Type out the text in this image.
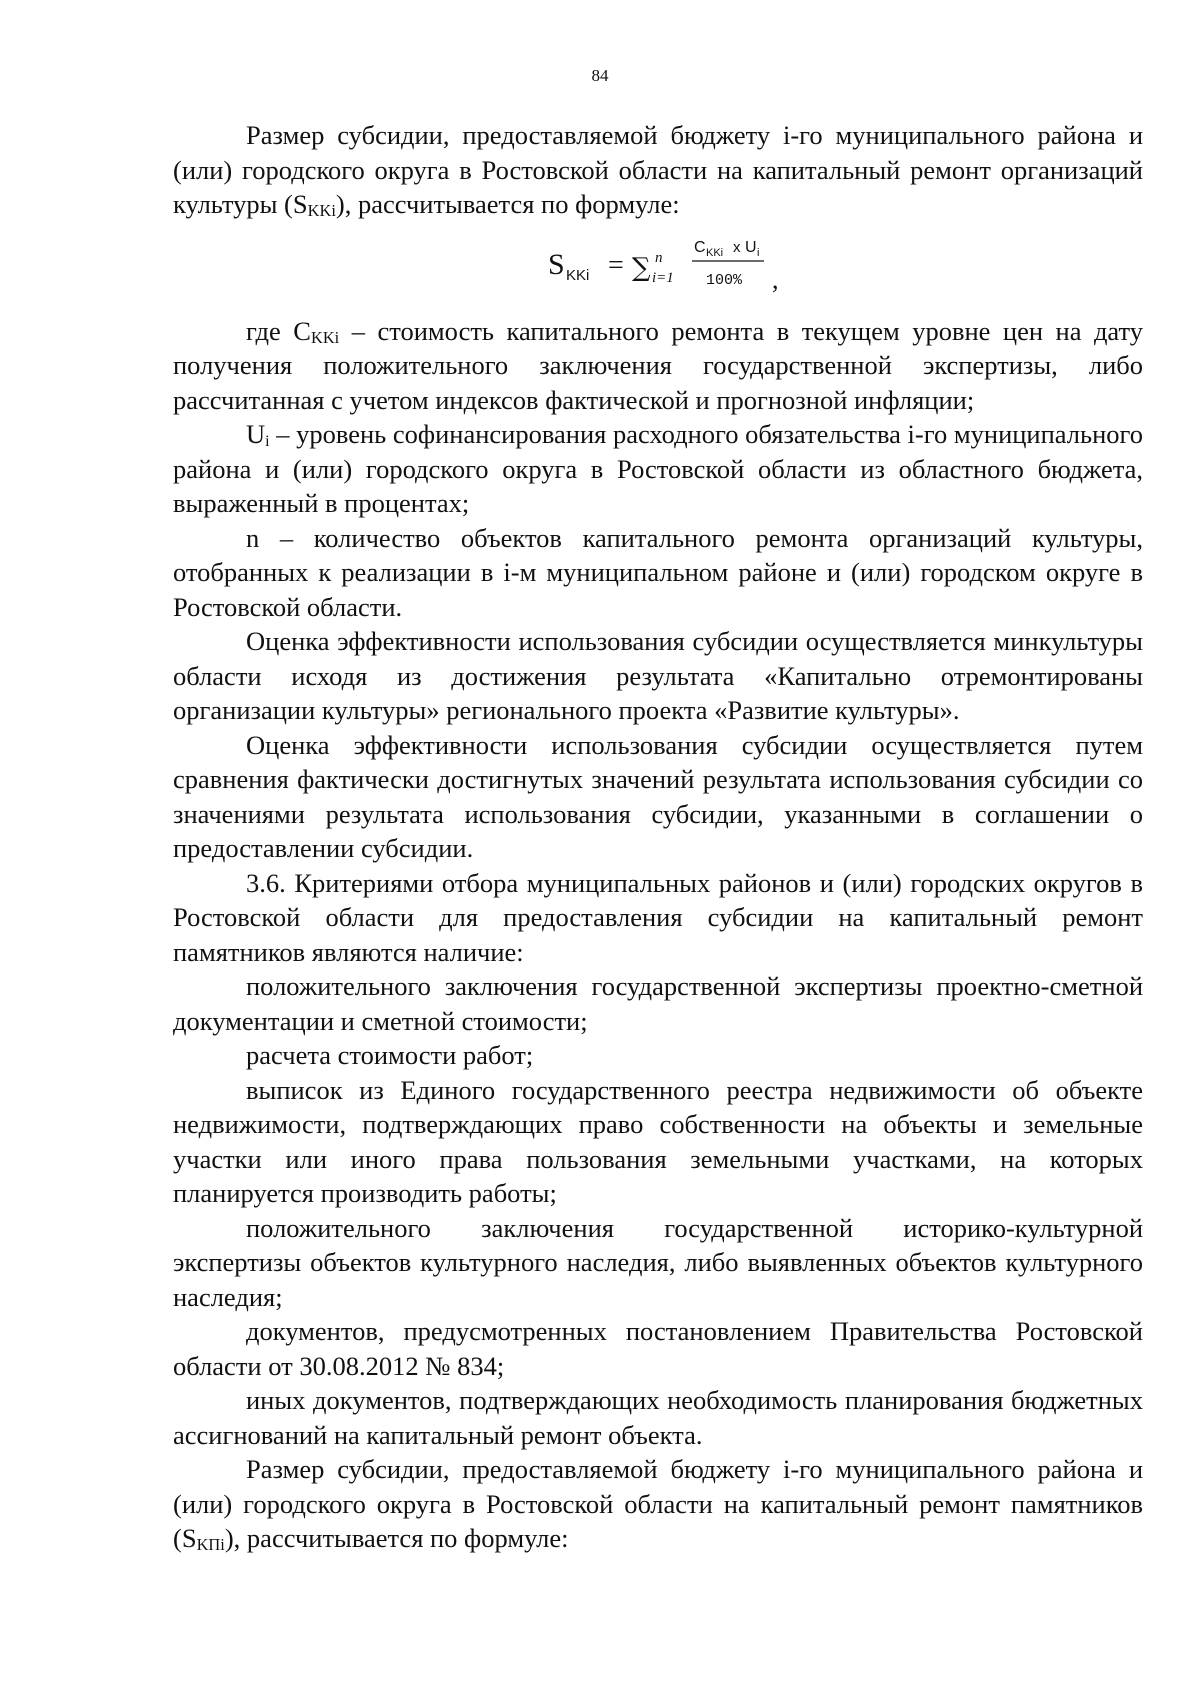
84

Размер субсидии, предоставляемой бюджету i-го муниципального района и (или) городского округа в Ростовской области на капитальный ремонт организаций культуры (SKKi), рассчитывается по формуле:

S KKi = ∑ n
i=1
C KKi x U i
100% ,

где СKKi – стоимость капитального ремонта в текущем уровне цен на дату получения положительного заключения государственной экспертизы, либо рассчитанная с учетом индексов фактической и прогнозной инфляции;

$U_i$ – уровень софинансирования расходного обязательства i-го муниципального района и (или) городского округа в Ростовской области из областного бюджета, выраженный в процентах;

n – количество объектов капитального ремонта организаций культуры, отобранных к реализации в i-м муниципальном районе и (или) городском округе в Ростовской области.

Оценка эффективности использования субсидии осуществляется минкультуры области исходя из достижения результата «Капитально отремонтированы организации культуры» регионального проекта «Развитие культуры».

Оценка эффективности использования субсидии осуществляется путем сравнения фактически достигнутых значений результата использования субсидии со значениями результата использования субсидии, указанными в соглашении о предоставлении субсидии.

3.6. Критериями отбора муниципальных районов и (или) городских округов в Ростовской области для предоставления субсидии на капитальный ремонт памятников являются наличие:

положительного заключения государственной экспертизы проектно-сметной документации и сметной стоимости;

расчета стоимости работ;

выписок из Единого государственного реестра недвижимости об объекте недвижимости, подтверждающих право собственности на объекты и земельные участки или иного права пользования земельными участками, на которых планируется производить работы;

положительного заключения государственной историко-культурной экспертизы объектов культурного наследия, либо выявленных объектов культурного наследия;

документов, предусмотренных постановлением Правительства Ростовской области от 30.08.2012 № 834;

иных документов, подтверждающих необходимость планирования бюджетных ассигнований на капитальный ремонт объекта.

Размер субсидии, предоставляемой бюджету i-го муниципального района и (или) городского округа в Ростовской области на капитальный ремонт памятников (SKПi), рассчитывается по формуле:
